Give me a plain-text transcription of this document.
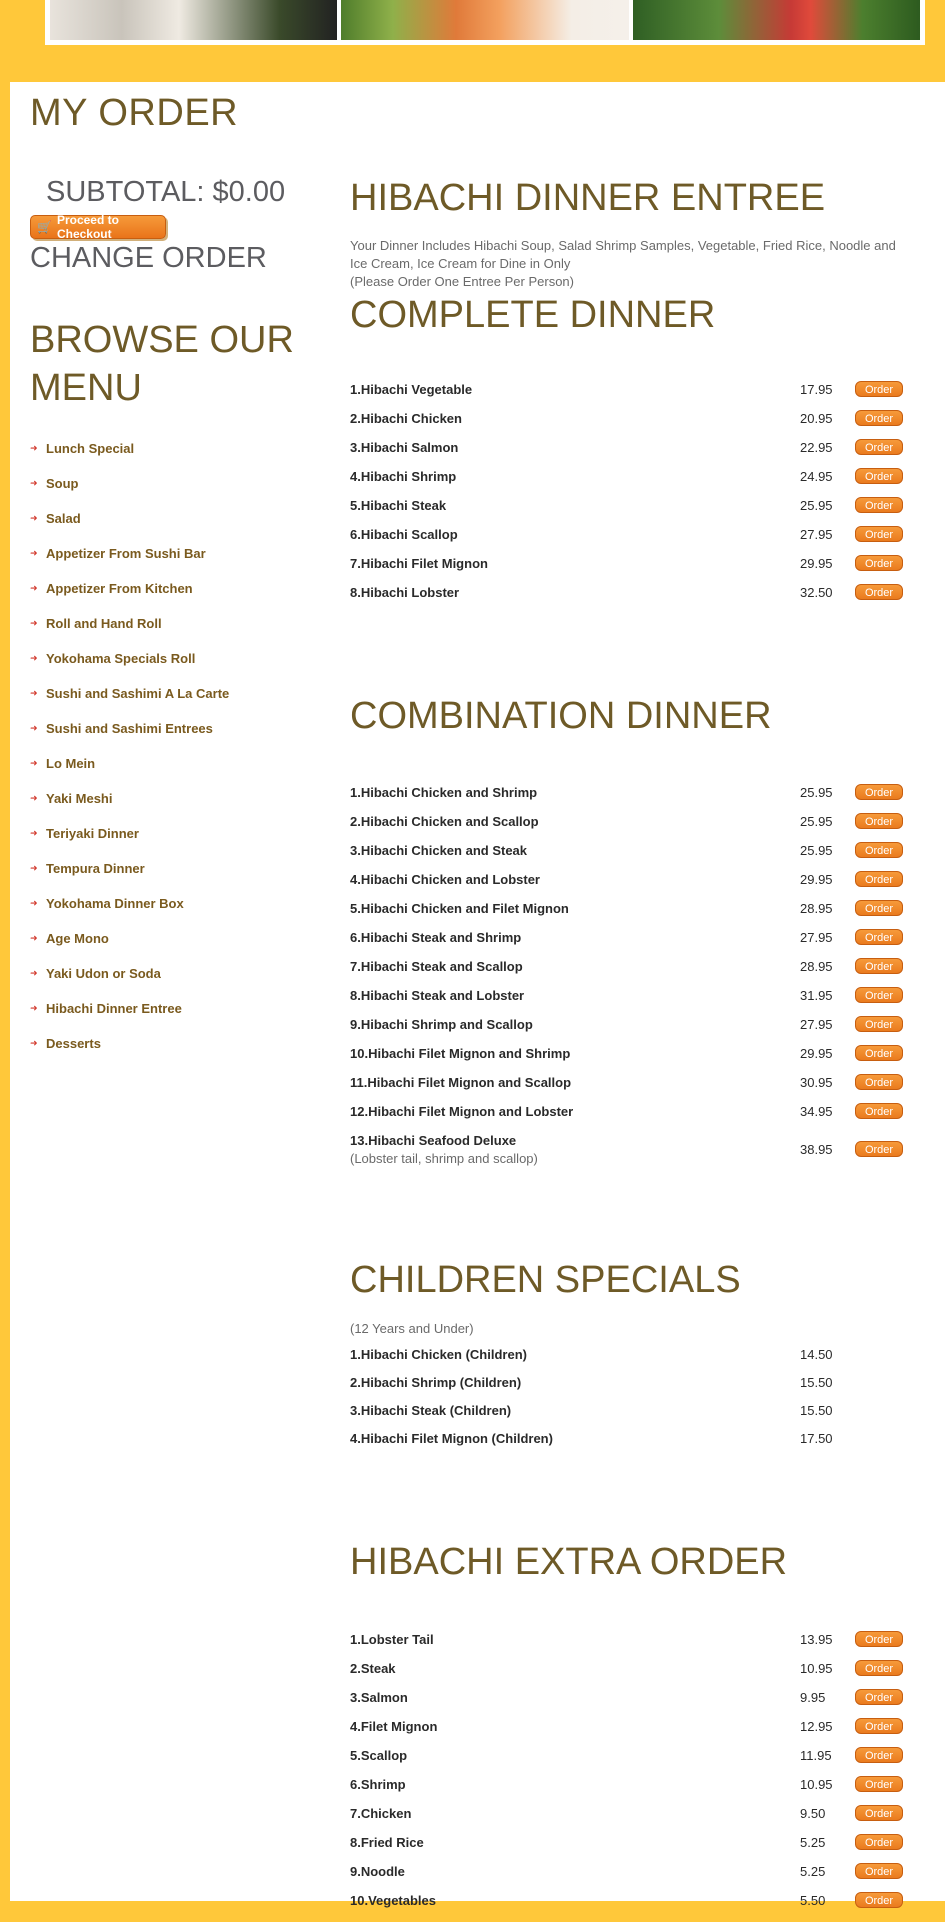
MY ORDER

SUBTOTAL: $0.00

🛒 Proceed to Checkout

CHANGE ORDER

BROWSE OUR MENU
➜ Lunch Special
➜ Soup
➜ Salad
➜ Appetizer From Sushi Bar
➜ Appetizer From Kitchen
➜ Roll and Hand Roll
➜ Yokohama Specials Roll
➜ Sushi and Sashimi A La Carte
➜ Sushi and Sashimi Entrees
➜ Lo Mein
➜ Yaki Meshi
➜ Teriyaki Dinner
➜ Tempura Dinner
➜ Yokohama Dinner Box
➜ Age Mono
➜ Yaki Udon or Soda
➜ Hibachi Dinner Entree
➜ Desserts
HIBACHI DINNER ENTREE
Your Dinner Includes Hibachi Soup, Salad Shrimp Samples, Vegetable, Fried Rice, Noodle and Ice Cream, Ice Cream for Dine in Only
(Please Order One Entree Per Person)
COMPLETE DINNER
1.Hibachi Vegetable	17.95	Order
2.Hibachi Chicken	20.95	Order
3.Hibachi Salmon	22.95	Order
4.Hibachi Shrimp	24.95	Order
5.Hibachi Steak	25.95	Order
6.Hibachi Scallop	27.95	Order
7.Hibachi Filet Mignon	29.95	Order
8.Hibachi Lobster	32.50	Order
COMBINATION DINNER
1.Hibachi Chicken and Shrimp	25.95	Order
2.Hibachi Chicken and Scallop	25.95	Order
3.Hibachi Chicken and Steak	25.95	Order
4.Hibachi Chicken and Lobster	29.95	Order
5.Hibachi Chicken and Filet Mignon	28.95	Order
6.Hibachi Steak and Shrimp	27.95	Order
7.Hibachi Steak and Scallop	28.95	Order
8.Hibachi Steak and Lobster	31.95	Order
9.Hibachi Shrimp and Scallop	27.95	Order
10.Hibachi Filet Mignon and Shrimp	29.95	Order
11.Hibachi Filet Mignon and Scallop	30.95	Order
12.Hibachi Filet Mignon and Lobster	34.95	Order
13.Hibachi Seafood Deluxe
(Lobster tail, shrimp and scallop)
38.95	Order
CHILDREN SPECIALS
(12 Years and Under)
1.Hibachi Chicken (Children)	14.50
2.Hibachi Shrimp (Children)	15.50
3.Hibachi Steak (Children)	15.50
4.Hibachi Filet Mignon (Children)	17.50
HIBACHI EXTRA ORDER
1.Lobster Tail	13.95	Order
2.Steak	10.95	Order
3.Salmon	9.95	Order
4.Filet Mignon	12.95	Order
5.Scallop	11.95	Order
6.Shrimp	10.95	Order
7.Chicken	9.50	Order
8.Fried Rice	5.25	Order
9.Noodle	5.25	Order
10.Vegetables	5.50	Order
